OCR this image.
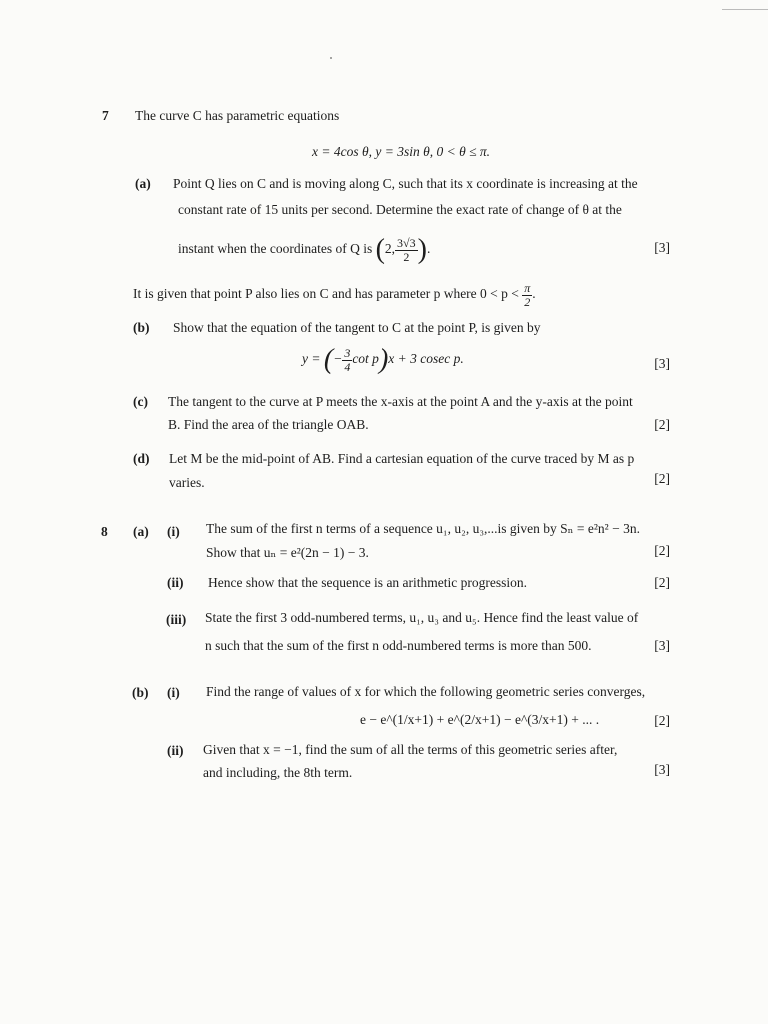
7 The curve C has parametric equations
x = 4cos θ, y = 3sin θ, 0 < θ ≤ π.
(a) Point Q lies on C and is moving along C, such that its x coordinate is increasing at the
constant rate of 15 units per second. Determine the exact rate of change of θ at the
instant when the coordinates of Q is (2, $\frac{3√3}{2}$ ).	[3]
It is given that point P also lies on C and has parameter p where $0 < p < \frac{\pi}{2}$ .
(b) Show that the equation of the tangent to C at the point P, is given by
y = (− $\frac{3}{4}$ cot p)x + 3 cosec p.	[3]
(c) The tangent to the curve at P meets the x-axis at the point A and the y-axis at the point
B. Find the area of the triangle OAB.	[2]
(d) Let M be the mid-point of AB. Find a cartesian equation of the curve traced by M as p
varies.	[2]
8 (a) (i) The sum of the first n terms of a sequence u₁, u₂, u₃,...is given by Sₙ = e²n² − 3n.
Show that uₙ = e²(2n − 1) − 3.	[2]
(ii) Hence show that the sequence is an arithmetic progression.	[2]
(iii) State the first 3 odd-numbered terms, u₁, u₃ and u₅. Hence find the least value of
n such that the sum of the first n odd-numbered terms is more than 500.	[3]
(b) (i) Find the range of values of x for which the following geometric series converges,
e − e^(1/x+1) + e^(2/x+1) − e^(3/x+1) + ... .	[2]
(ii) Given that x = −1, find the sum of all the terms of this geometric series after,
and including, the 8th term.	[3]
